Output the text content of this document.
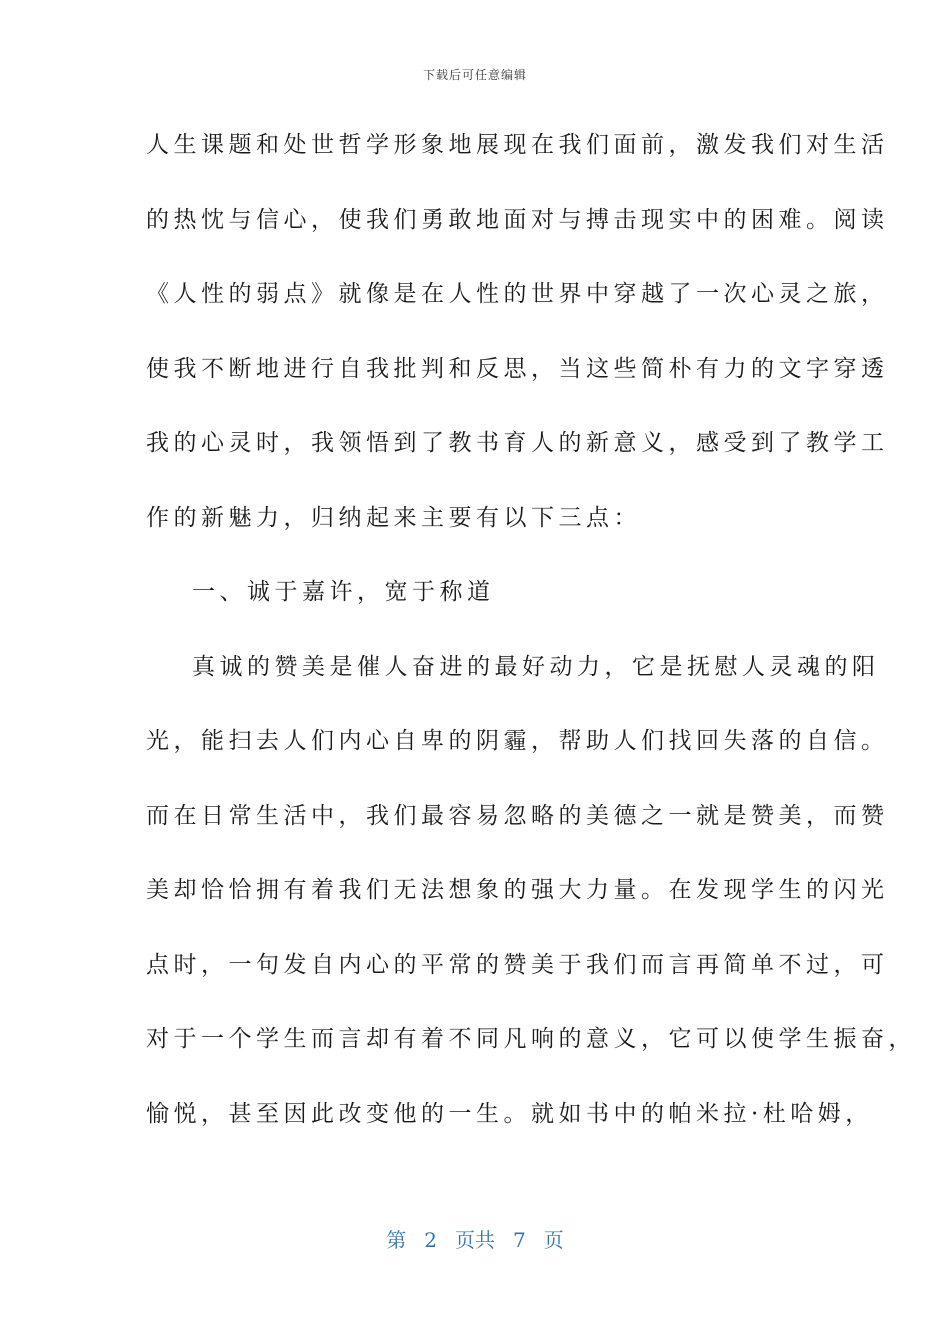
下载后可任意编辑
人生课题和处世哲学形象地展现在我们面前，激发我们对生活
的热忱与信心，使我们勇敢地面对与搏击现实中的困难。阅读
《人性的弱点》就像是在人性的世界中穿越了一次心灵之旅，
使我不断地进行自我批判和反思，当这些简朴有力的文字穿透
我的心灵时，我领悟到了教书育人的新意义，感受到了教学工
作的新魅力，归纳起来主要有以下三点：
一、诚于嘉许，宽于称道
真诚的赞美是催人奋进的最好动力，它是抚慰人灵魂的阳
光，能扫去人们内心自卑的阴霾，帮助人们找回失落的自信。
而在日常生活中，我们最容易忽略的美德之一就是赞美，而赞
美却恰恰拥有着我们无法想象的强大力量。在发现学生的闪光
点时，一句发自内心的平常的赞美于我们而言再简单不过，可
对于一个学生而言却有着不同凡响的意义，它可以使学生振奋，
愉悦，甚至因此改变他的一生。就如书中的帕米拉·杜哈姆，
第 2 页共 7 页
